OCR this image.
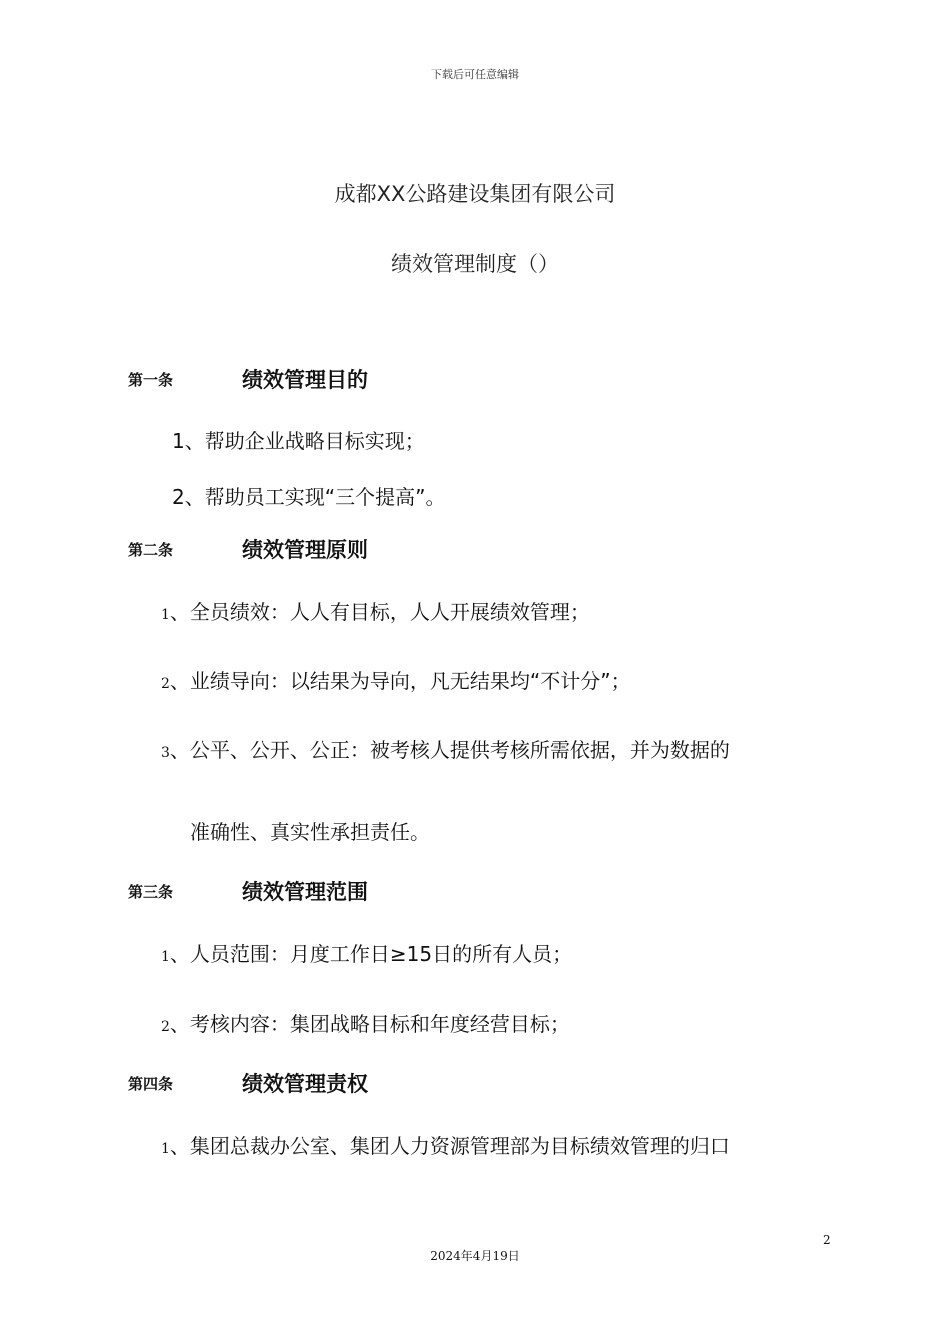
下载后可任意编辑
成都XX公路建设集团有限公司
绩效管理制度（）
第一条	绩效管理目的
1、帮助企业战略目标实现；
2、帮助员工实现“三个提高”。
第二条	绩效管理原则
1、全员绩效：人人有目标，人人开展绩效管理；
2、业绩导向：以结果为导向，凡无结果均“不计分”；
3、公平、公开、公正：被考核人提供考核所需依据，并为数据的
准确性、真实性承担责任。
第三条	绩效管理范围
1、人员范围：月度工作日≥15日的所有人员；
2、考核内容：集团战略目标和年度经营目标；
第四条	绩效管理责权
1、集团总裁办公室、集团人力资源管理部为目标绩效管理的归口
2
2024年4月19日
